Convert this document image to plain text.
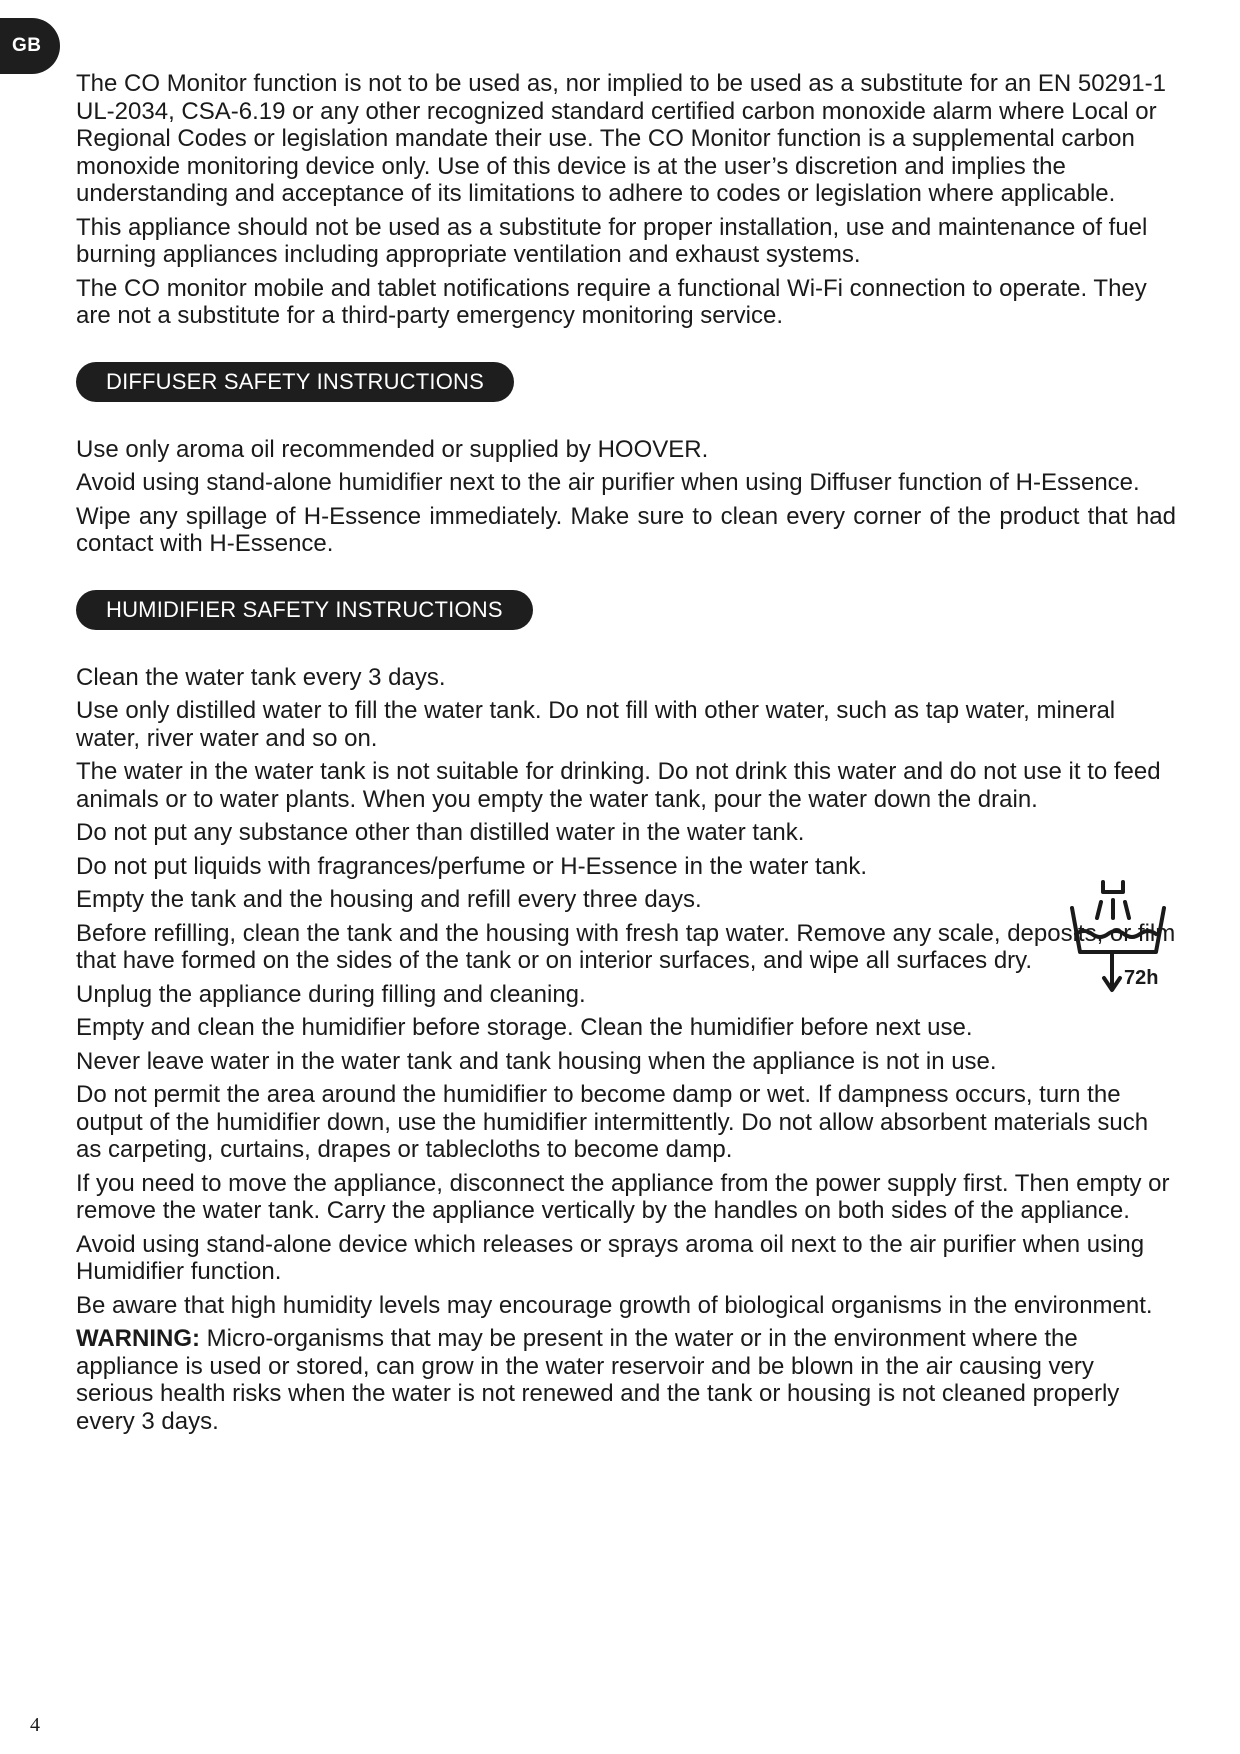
GB

The CO Monitor function is not to be used as, nor implied to be used as a substitute for an EN 50291-1 UL-2034, CSA-6.19 or any other recognized standard certified carbon monoxide alarm where Local or Regional Codes or legislation mandate their use. The CO Monitor function is a supplemental carbon monoxide monitoring device only. Use of this device is at the user’s discretion and implies the understanding and acceptance of its limitations to adhere to codes or legislation where applicable.

This appliance should not be used as a substitute for proper installation, use and maintenance of fuel burning appliances including appropriate ventilation and exhaust systems.

The CO monitor mobile and tablet notifications require a functional Wi-Fi connection to operate. They are not a substitute for a third-party emergency monitoring service.

DIFFUSER SAFETY INSTRUCTIONS

Use only aroma oil recommended or supplied by HOOVER.

Avoid using stand-alone humidifier next to the air purifier when using Diffuser function of H-Essence.

Wipe any spillage of H-Essence immediately. Make sure to clean every corner of the product that had contact with H-Essence.

HUMIDIFIER SAFETY INSTRUCTIONS

Clean the water tank every 3 days.

Use only distilled water to fill the water tank. Do not fill with other water, such as tap water, mineral water, river water and so on.

The water in the water tank is not suitable for drinking. Do not drink this water and do not use it to feed animals or to water plants. When you empty the water tank, pour the water down the drain.

Do not put any substance other than distilled water in the water tank.

Do not put liquids with fragrances/perfume or H-Essence in the water tank.

Empty the tank and the housing and refill every three days.

Before refilling, clean the tank and the housing with fresh tap water. Remove any scale, deposits, or film that have formed on the sides of the tank or on interior surfaces, and wipe all surfaces dry.

Unplug the appliance during filling and cleaning.

Empty and clean the humidifier before storage. Clean the humidifier before next use.

Never leave water in the water tank and tank housing when the appliance is not in use.

Do not permit the area around the humidifier to become damp or wet. If dampness occurs, turn the output of the humidifier down, use the humidifier intermittently. Do not allow absorbent materials such as carpeting, curtains, drapes or tablecloths to become damp.

If you need to move the appliance, disconnect the appliance from the power supply first. Then empty or remove the water tank. Carry the appliance vertically by the handles on both sides of the appliance.

Avoid using stand-alone device which releases or sprays aroma oil next to the air purifier when using Humidifier function.

Be aware that high humidity levels may encourage growth of biological organisms in the environment.

WARNING: Micro-organisms that may be present in the water or in the environment where the appliance is used or stored, can grow in the water reservoir and be blown in the air causing very serious health risks when the water is not renewed and the tank or housing is not cleaned properly every 3 days.

72h
4
